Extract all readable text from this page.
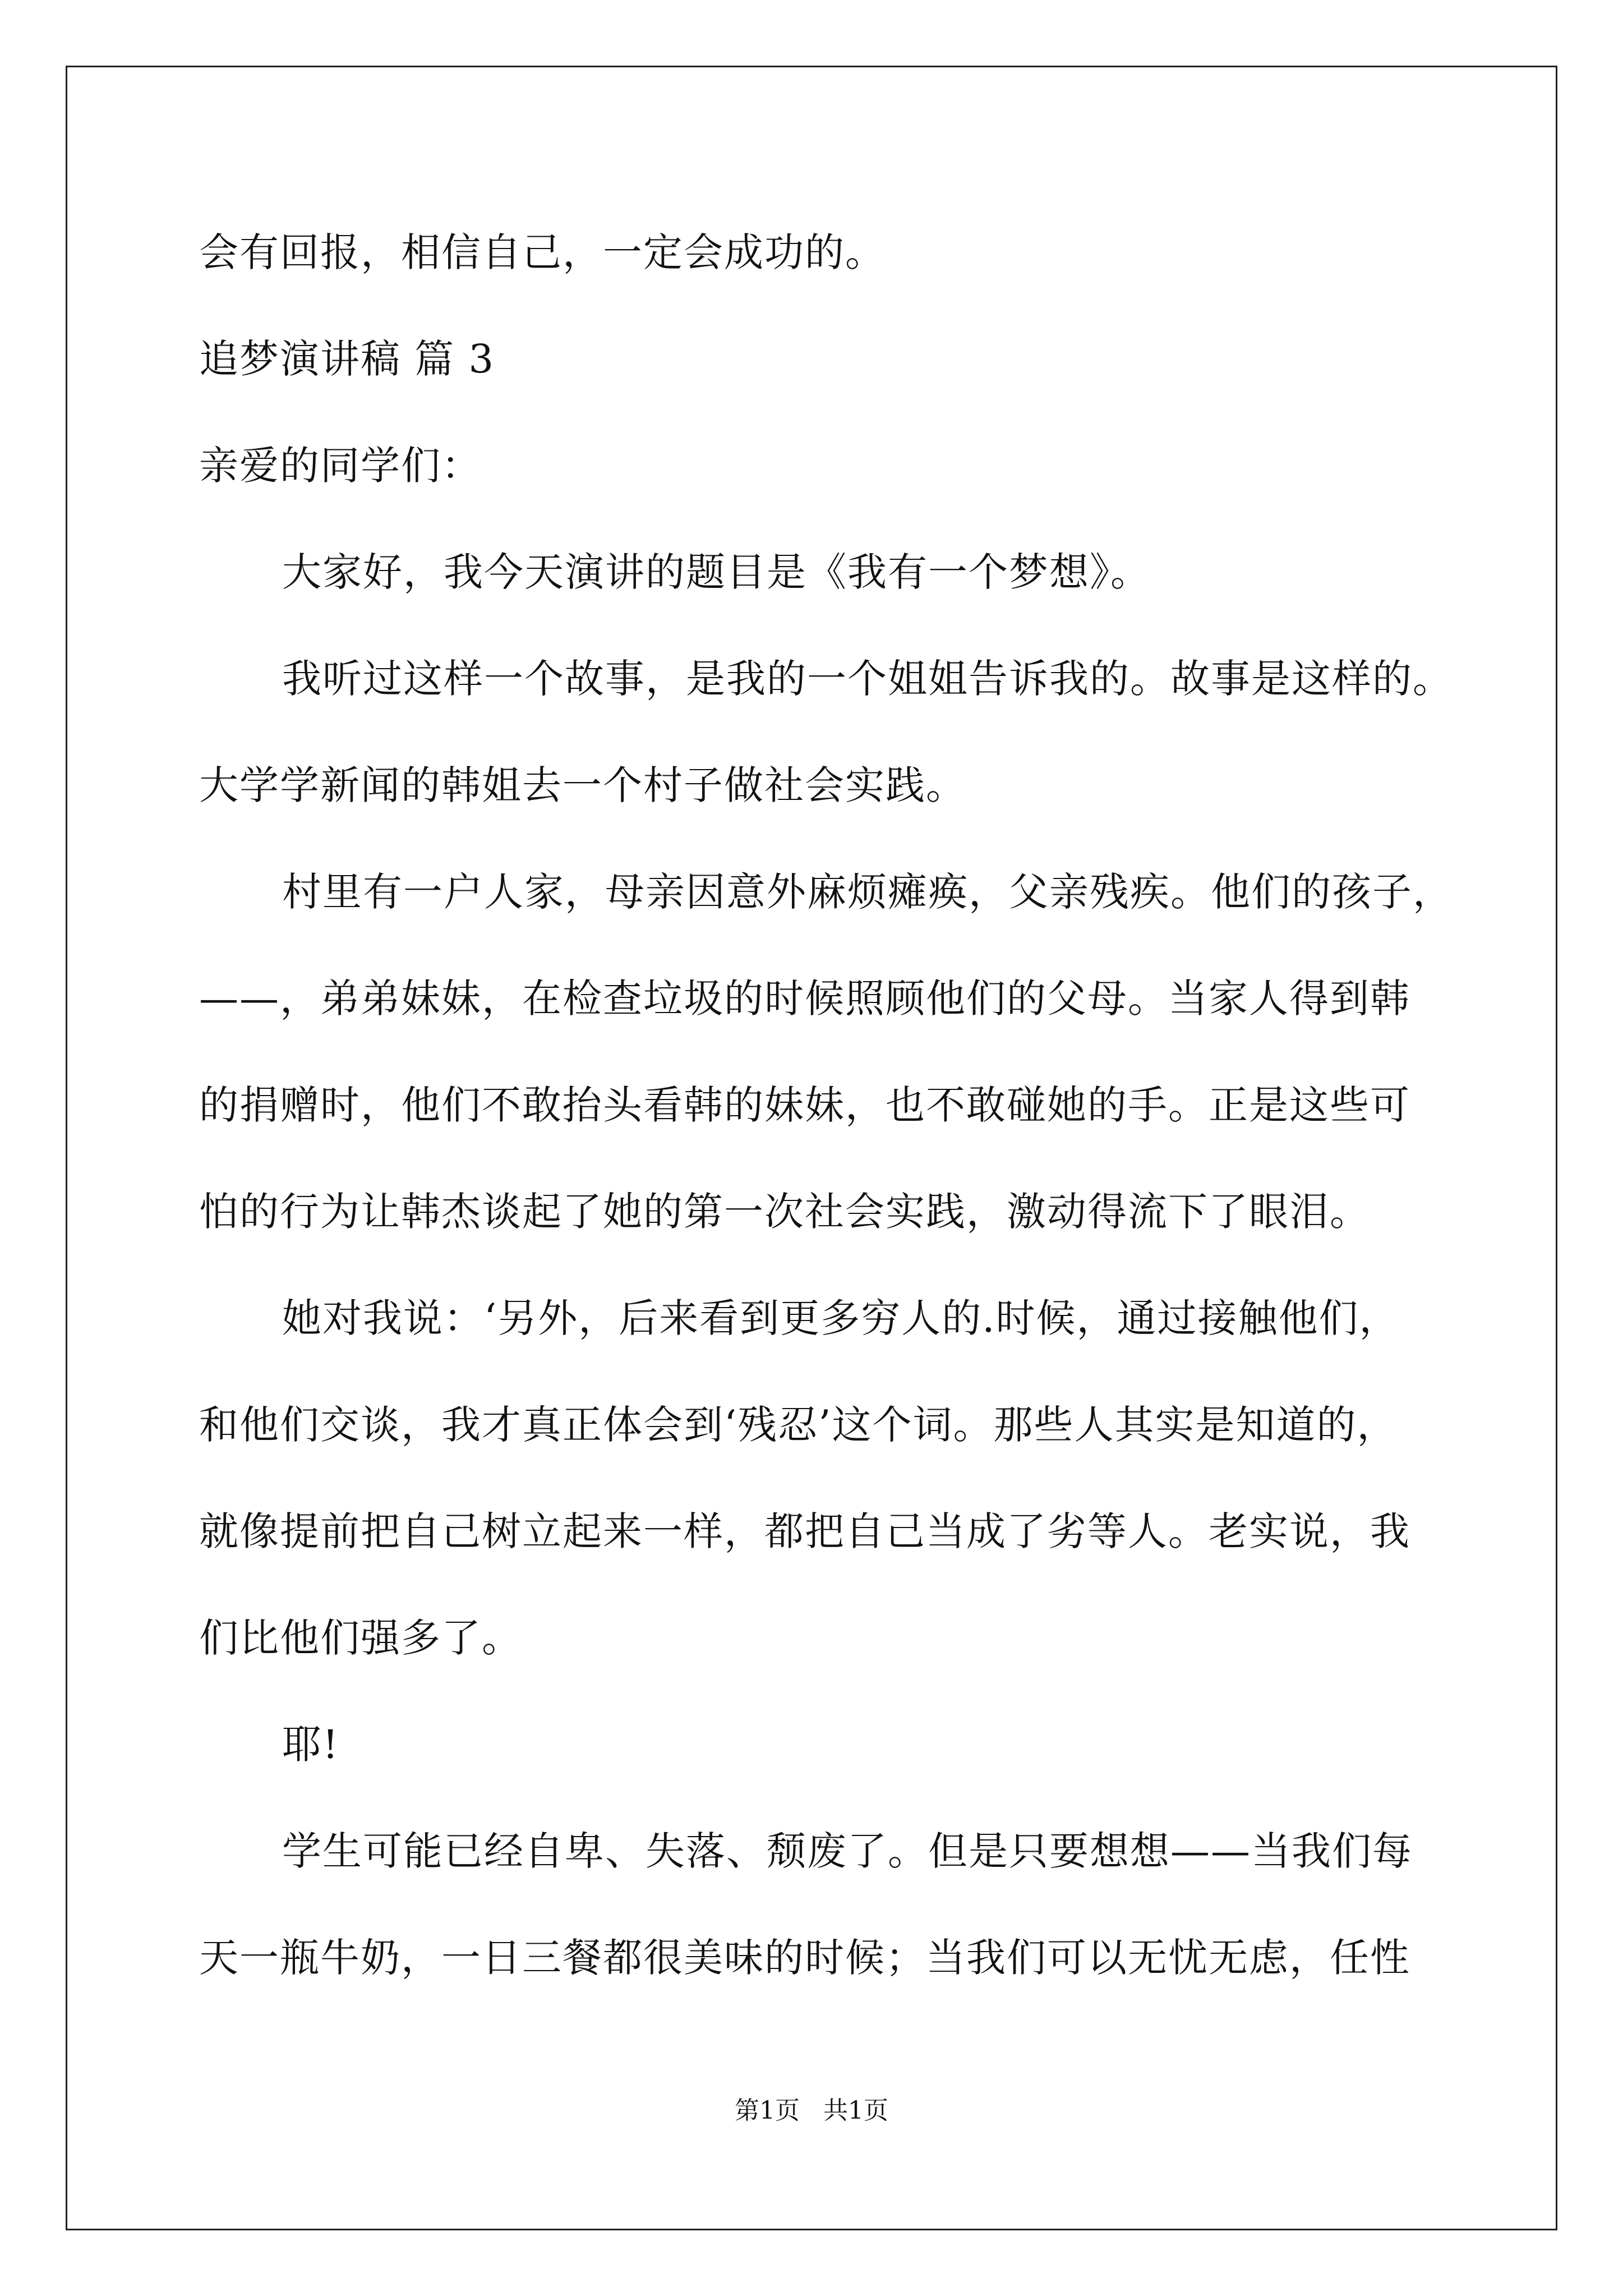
会有回报，相信自己，一定会成功的。
追梦演讲稿 篇 3
亲爱的同学们：
大家好，我今天演讲的题目是《我有一个梦想》。
我听过这样一个故事，是我的一个姐姐告诉我的。故事是这样的。
大学学新闻的韩姐去一个村子做社会实践。
村里有一户人家，母亲因意外麻烦瘫痪，父亲残疾。他们的孩子，
——，弟弟妹妹，在检查垃圾的时候照顾他们的父母。当家人得到韩
的捐赠时，他们不敢抬头看韩的妹妹，也不敢碰她的手。正是这些可
怕的行为让韩杰谈起了她的第一次社会实践，激动得流下了眼泪。
她对我说：‘另外，后来看到更多穷人的.时候，通过接触他们，
和他们交谈，我才真正体会到‘残忍’这个词。那些人其实是知道的，
就像提前把自己树立起来一样，都把自己当成了劣等人。老实说，我
们比他们强多了。
耶!
学生可能已经自卑、失落、颓废了。但是只要想想——当我们每
天一瓶牛奶，一日三餐都很美味的时候；当我们可以无忧无虑，任性
第1页   共1页
